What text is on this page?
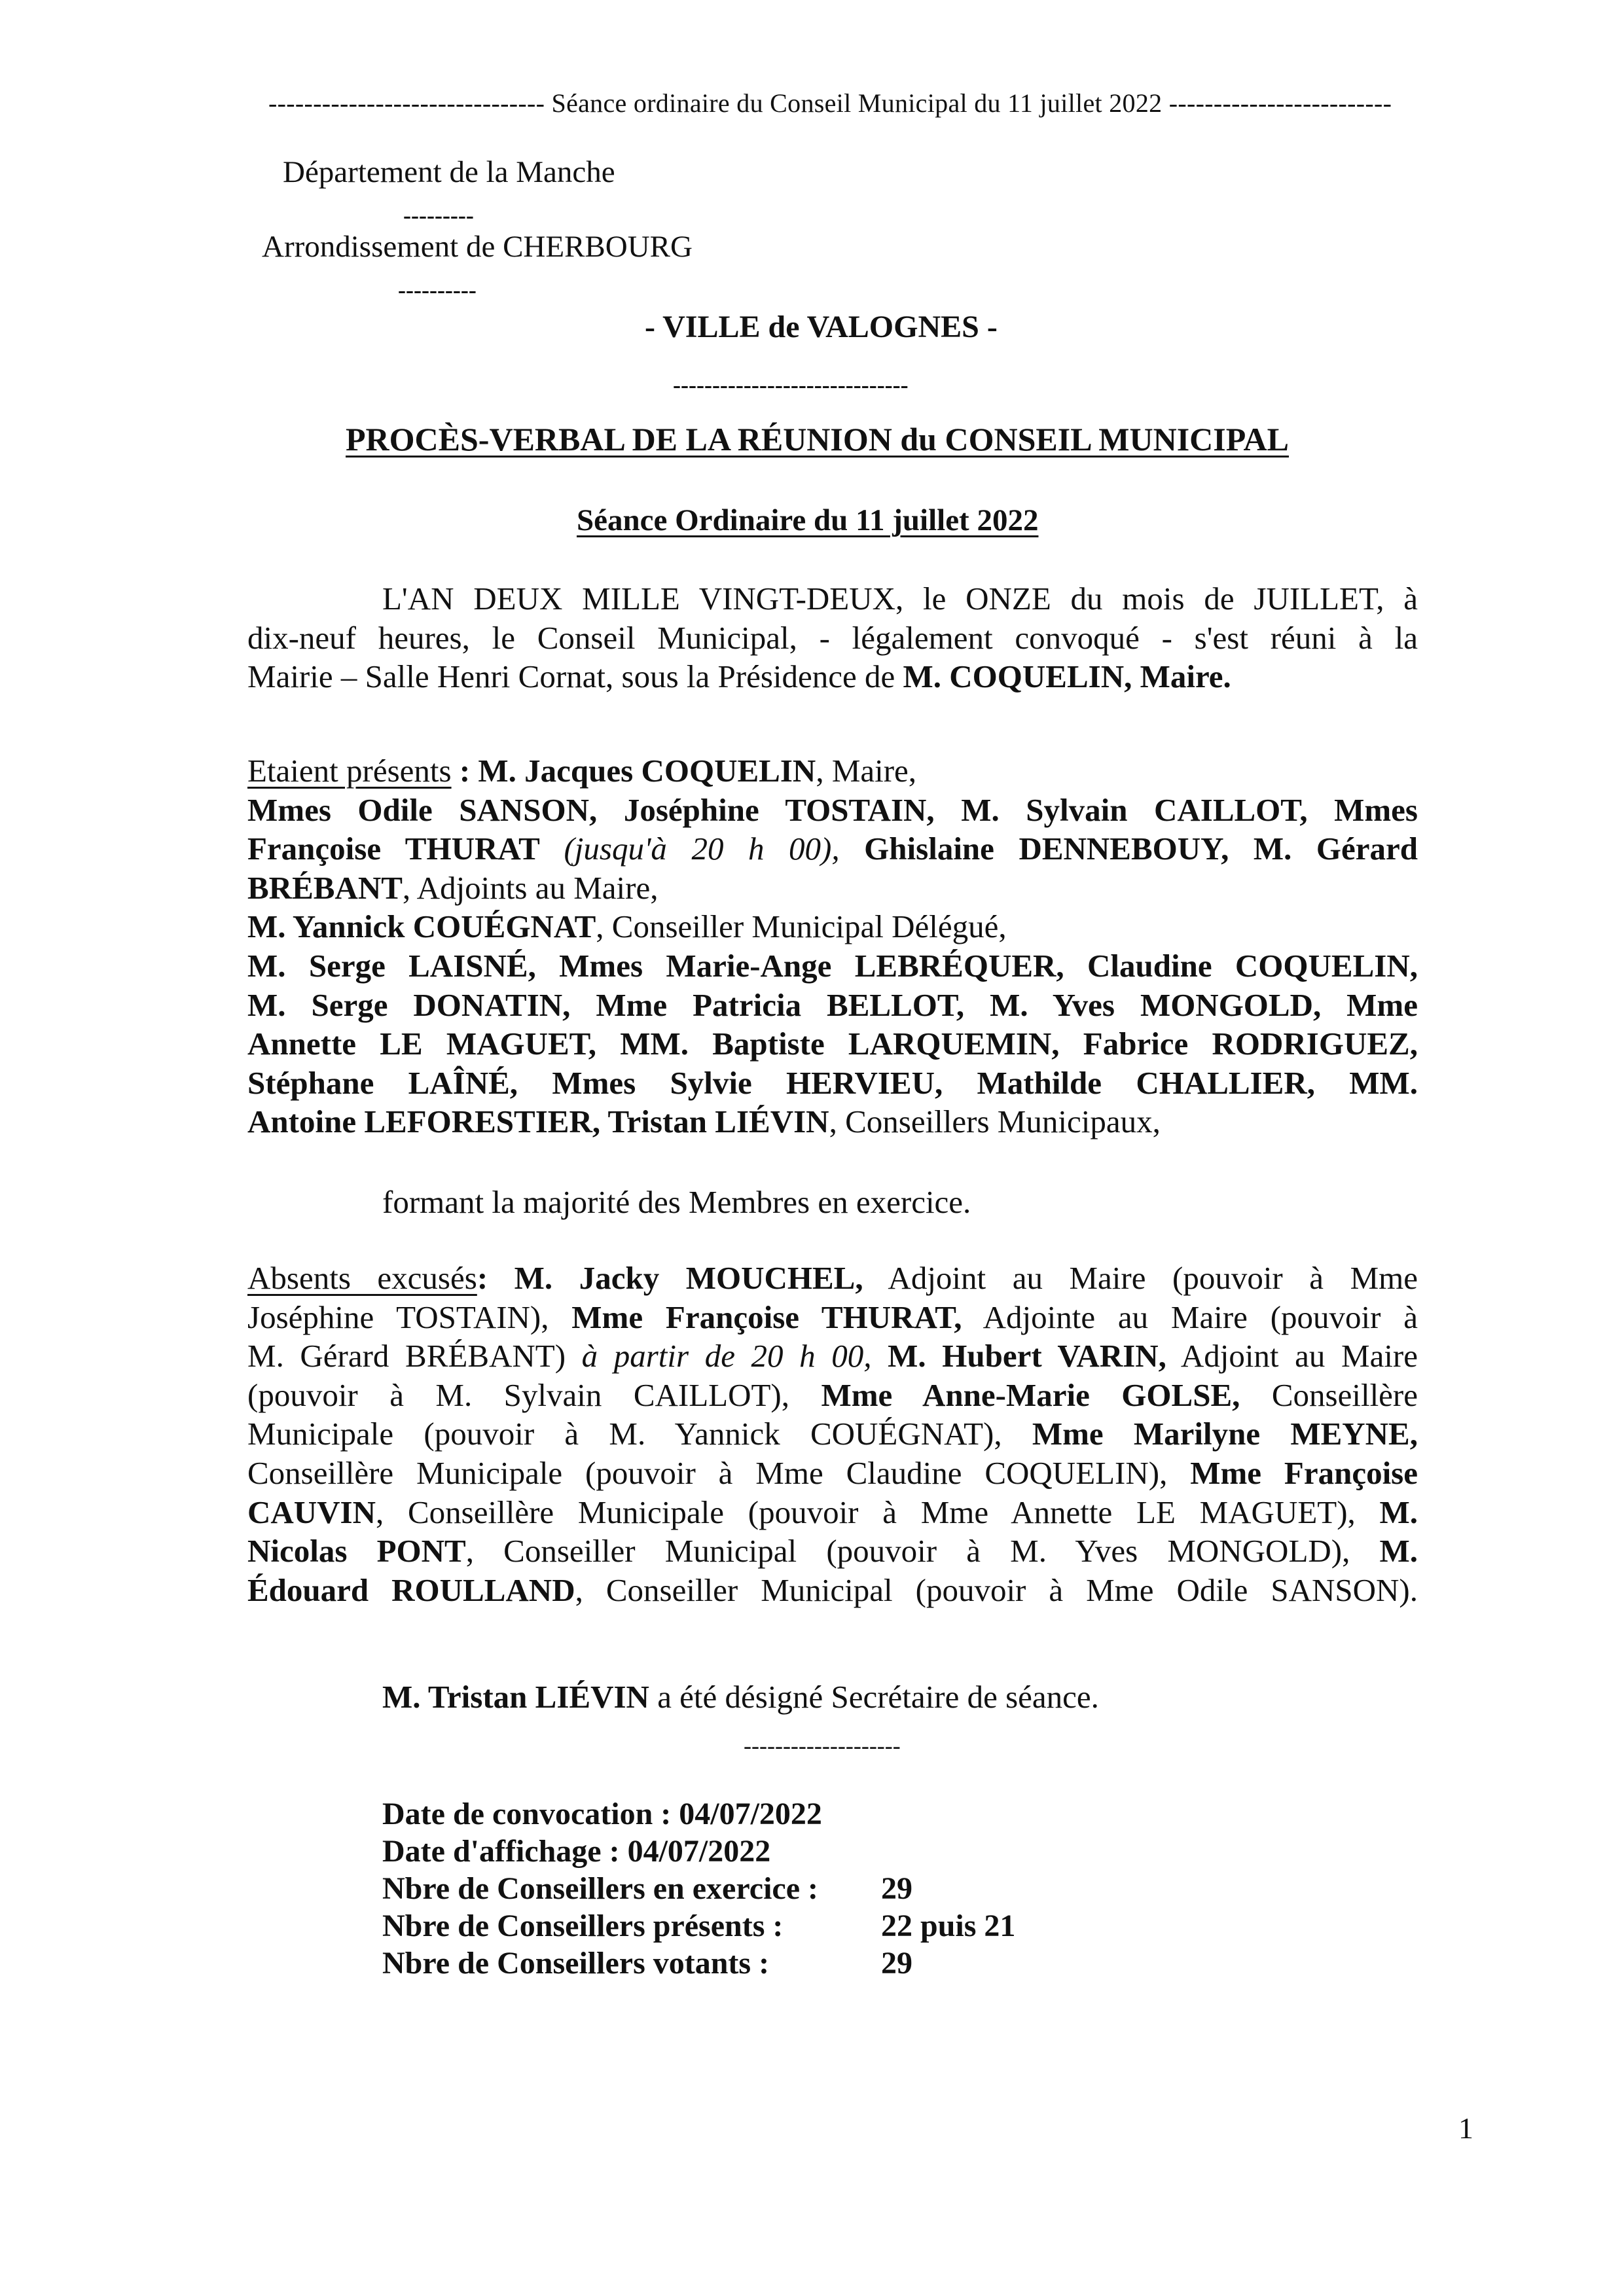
------------------------------- Séance ordinaire du Conseil Municipal du 11 juillet 2022 -------------------------
Département de la Manche
---------
Arrondissement de CHERBOURG
----------
- VILLE de VALOGNES -
------------------------------
PROCÈS-VERBAL DE LA RÉUNION du CONSEIL MUNICIPAL
Séance Ordinaire du 11 juillet 2022
L'AN DEUX MILLE VINGT-DEUX, le ONZE du mois de JUILLET, à
dix-neuf heures, le Conseil Municipal, - légalement convoqué - s'est réuni à la
Mairie – Salle Henri Cornat, sous la Présidence de M. COQUELIN, Maire.
Etaient présents : M. Jacques COQUELIN, Maire,
Mmes Odile SANSON, Joséphine TOSTAIN, M. Sylvain CAILLOT, Mmes
Françoise THURAT (jusqu'à 20 h 00), Ghislaine DENNEBOUY, M. Gérard
BRÉBANT, Adjoints au Maire,
M. Yannick COUÉGNAT, Conseiller Municipal Délégué,
M. Serge LAISNÉ, Mmes Marie-Ange LEBRÉQUER, Claudine COQUELIN,
M. Serge DONATIN, Mme Patricia BELLOT, M. Yves MONGOLD, Mme
Annette LE MAGUET, MM. Baptiste LARQUEMIN, Fabrice RODRIGUEZ,
Stéphane LAÎNÉ, Mmes Sylvie HERVIEU, Mathilde CHALLIER, MM.
Antoine LEFORESTIER, Tristan LIÉVIN, Conseillers Municipaux,
formant la majorité des Membres en exercice.
Absents excusés: M. Jacky MOUCHEL, Adjoint au Maire (pouvoir à Mme
Joséphine TOSTAIN), Mme Françoise THURAT, Adjointe au Maire (pouvoir à
M. Gérard BRÉBANT) à partir de 20 h 00, M. Hubert VARIN, Adjoint au Maire
(pouvoir à M. Sylvain CAILLOT), Mme Anne-Marie GOLSE, Conseillère
Municipale (pouvoir à M. Yannick COUÉGNAT), Mme Marilyne MEYNE,
Conseillère Municipale (pouvoir à Mme Claudine COQUELIN), Mme Françoise
CAUVIN, Conseillère Municipale (pouvoir à Mme Annette LE MAGUET), M.
Nicolas PONT, Conseiller Municipal (pouvoir à M. Yves MONGOLD), M.
Édouard ROULLAND, Conseiller Municipal (pouvoir à Mme Odile SANSON).
M. Tristan LIÉVIN a été désigné Secrétaire de séance.
--------------------
Date de convocation : 04/07/2022
Date d'affichage : 04/07/2022
Nbre de Conseillers en exercice : 29
Nbre de Conseillers présents :	22 puis 21
Nbre de Conseillers votants :	29
1
